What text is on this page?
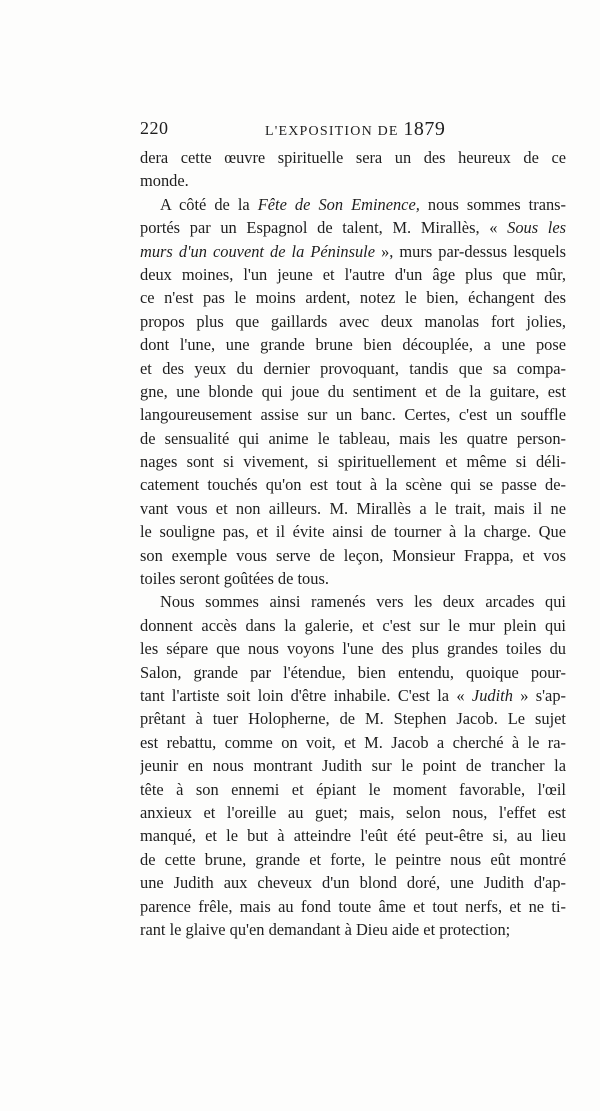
220	L'EXPOSITION DE 1879
dera cette œuvre spirituelle sera un des heureux de ce
monde.
A côté de la Fête de Son Eminence, nous sommes trans-
portés par un Espagnol de talent, M. Mirallès, « Sous les
murs d'un couvent de la Péninsule », murs par-dessus lesquels
deux moines, l'un jeune et l'autre d'un âge plus que mûr,
ce n'est pas le moins ardent, notez le bien, échangent des
propos plus que gaillards avec deux manolas fort jolies,
dont l'une, une grande brune bien découplée, a une pose
et des yeux du dernier provoquant, tandis que sa compa-
gne, une blonde qui joue du sentiment et de la guitare, est
langoureusement assise sur un banc. Certes, c'est un souffle
de sensualité qui anime le tableau, mais les quatre person-
nages sont si vivement, si spirituellement et même si déli-
catement touchés qu'on est tout à la scène qui se passe de-
vant vous et non ailleurs. M. Mirallès a le trait, mais il ne
le souligne pas, et il évite ainsi de tourner à la charge. Que
son exemple vous serve de leçon, Monsieur Frappa, et vos
toiles seront goûtées de tous.
Nous sommes ainsi ramenés vers les deux arcades qui
donnent accès dans la galerie, et c'est sur le mur plein qui
les sépare que nous voyons l'une des plus grandes toiles du
Salon, grande par l'étendue, bien entendu, quoique pour-
tant l'artiste soit loin d'être inhabile. C'est la « Judith » s'ap-
prêtant à tuer Holopherne, de M. Stephen Jacob. Le sujet
est rebattu, comme on voit, et M. Jacob a cherché à le ra-
jeunir en nous montrant Judith sur le point de trancher la
tête à son ennemi et épiant le moment favorable, l'œil
anxieux et l'oreille au guet; mais, selon nous, l'effet est
manqué, et le but à atteindre l'eût été peut-être si, au lieu
de cette brune, grande et forte, le peintre nous eût montré
une Judith aux cheveux d'un blond doré, une Judith d'ap-
parence frêle, mais au fond toute âme et tout nerfs, et ne ti-
rant le glaive qu'en demandant à Dieu aide et protection;
